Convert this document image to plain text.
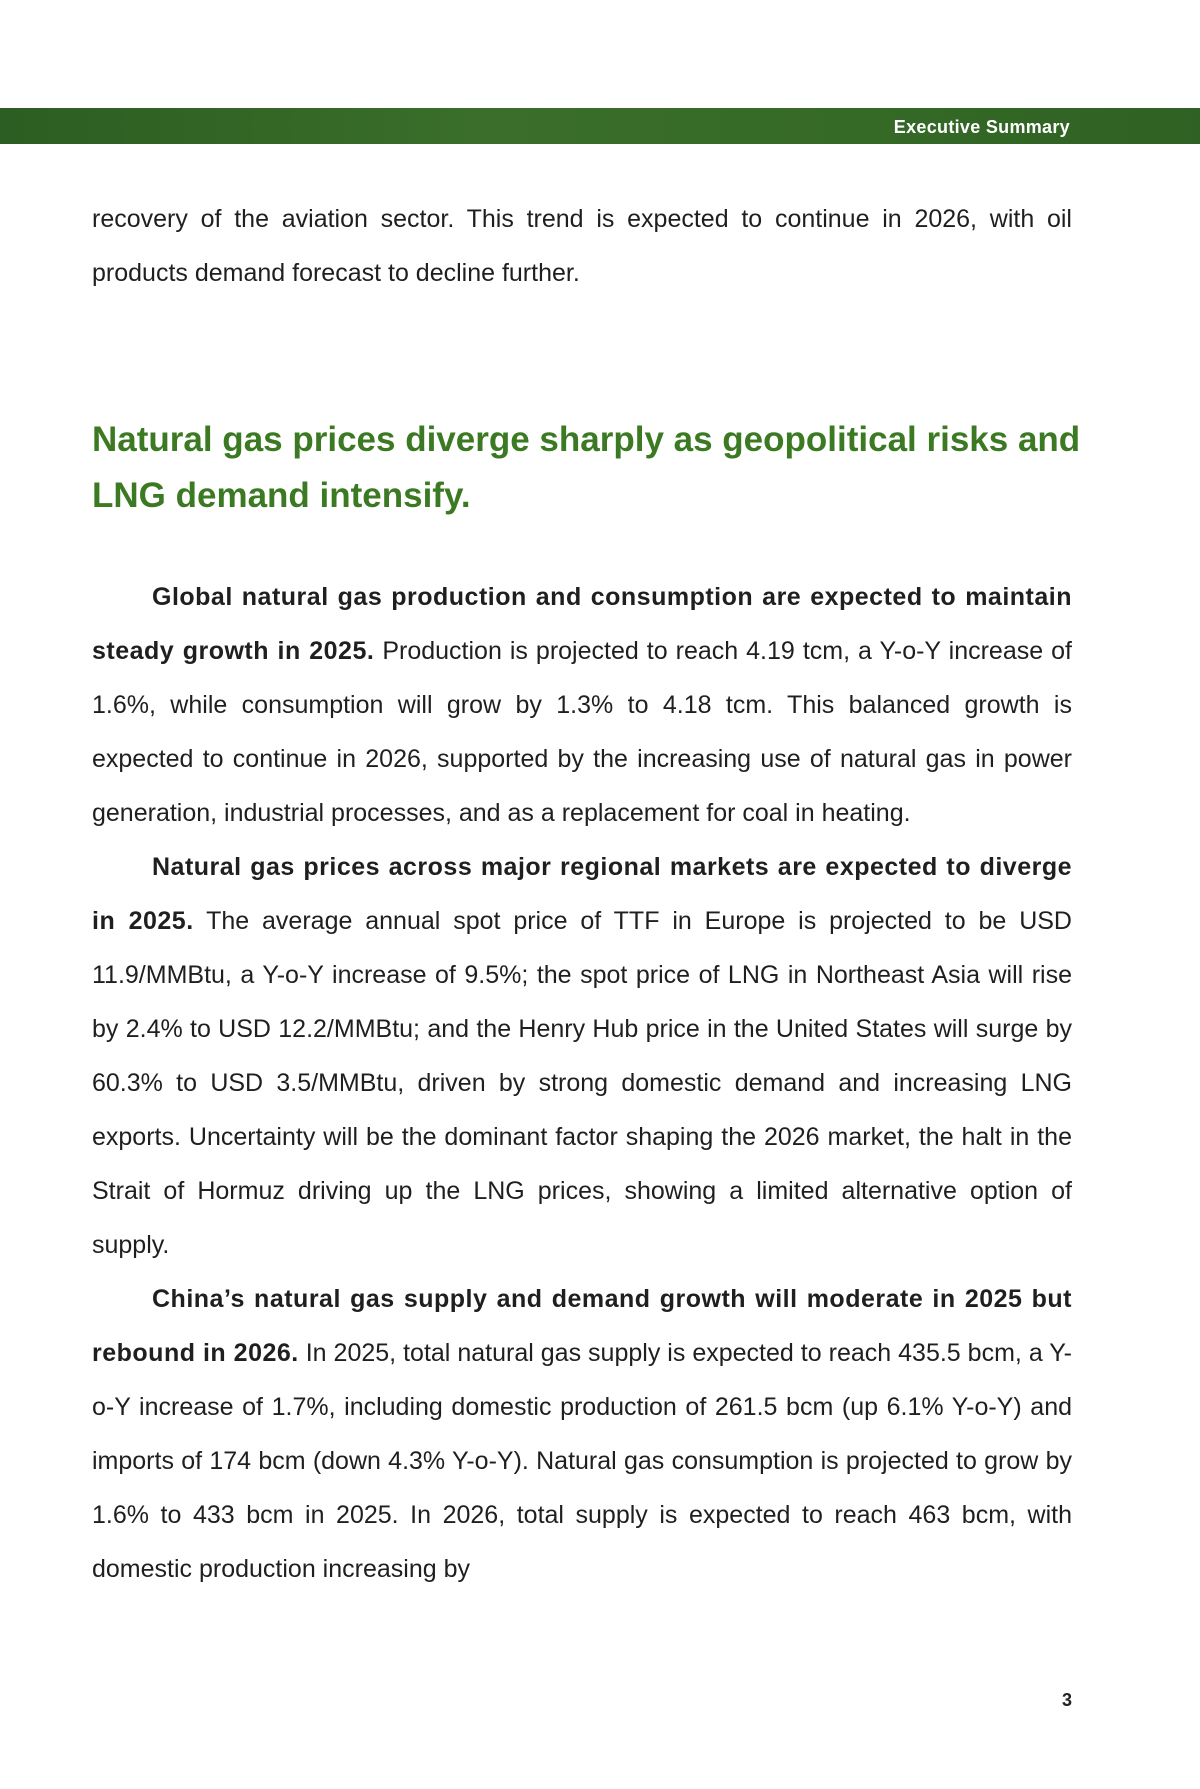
Executive Summary

recovery of the aviation sector. This trend is expected to continue in 2026, with oil products demand forecast to decline further.

Natural gas prices diverge sharply as geopolitical risks and LNG demand intensify.

Global natural gas production and consumption are expected to maintain steady growth in 2025. Production is projected to reach 4.19 tcm, a Y-o-Y increase of 1.6%, while consumption will grow by 1.3% to 4.18 tcm. This balanced growth is expected to continue in 2026, supported by the increasing use of natural gas in power generation, industrial processes, and as a replacement for coal in heating.

Natural gas prices across major regional markets are expected to diverge in 2025. The average annual spot price of TTF in Europe is projected to be USD 11.9/MMBtu, a Y-o-Y increase of 9.5%; the spot price of LNG in Northeast Asia will rise by 2.4% to USD 12.2/MMBtu; and the Henry Hub price in the United States will surge by 60.3% to USD 3.5/MMBtu, driven by strong domestic demand and increasing LNG exports. Uncertainty will be the dominant factor shaping the 2026 market, the halt in the Strait of Hormuz driving up the LNG prices, showing a limited alternative option of supply.

China’s natural gas supply and demand growth will moderate in 2025 but rebound in 2026. In 2025, total natural gas supply is expected to reach 435.5 bcm, a Y-o-Y increase of 1.7%, including domestic production of 261.5 bcm (up 6.1% Y-o-Y) and imports of 174 bcm (down 4.3% Y-o-Y). Natural gas consumption is projected to grow by 1.6% to 433 bcm in 2025. In 2026, total supply is expected to reach 463 bcm, with domestic production increasing by

3
